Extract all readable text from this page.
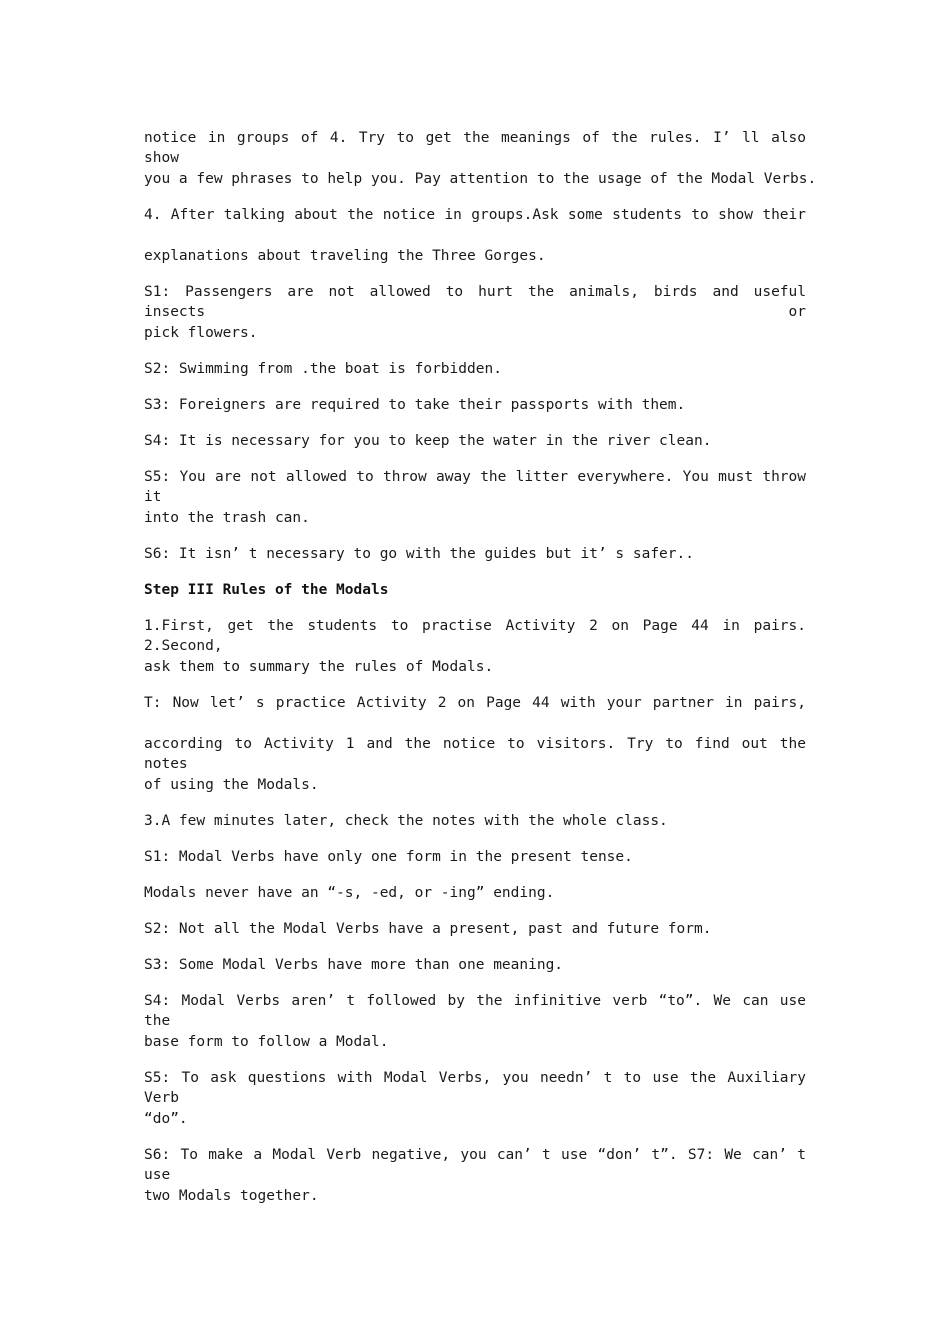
notice in groups of 4. Try to get the meanings of the rules. I’ ll also show
you a few phrases to help you. Pay attention to the usage of the Modal Verbs.
4. After talking about the notice in groups.Ask some students to show their
explanations about traveling the Three Gorges.
S1: Passengers are not allowed to hurt the animals, birds and useful insects or
pick flowers.
S2: Swimming from .the boat is forbidden.
S3: Foreigners are required to take their passports with them.
S4: It is necessary for you to keep the water in the river clean.
S5: You are not allowed to throw away the litter everywhere. You must throw it
into the trash can.
S6: It isn’ t necessary to go with the guides but it’ s safer..
Step III Rules of the Modals
1.First, get the students to practise Activity 2 on Page 44 in pairs. 2.Second,
ask them to summary the rules of Modals.
T: Now let’ s practice Activity 2 on Page 44 with your partner in pairs,
according to Activity 1 and the notice to visitors. Try to find out the notes
of using the Modals.
3.A few minutes later, check the notes with the whole class.
S1: Modal Verbs have only one form in the present tense.
Modals never have an “-s, -ed, or -ing” ending.
S2: Not all the Modal Verbs have a present, past and future form.
S3: Some Modal Verbs have more than one meaning.
S4: Modal Verbs aren’ t followed by the infinitive verb “to”. We can use the
base form to follow a Modal.
S5: To ask questions with Modal Verbs, you needn’ t to use the Auxiliary Verb
“do”.
S6: To make a Modal Verb negative, you can’ t use “don’ t”. S7: We can’ t use
two Modals together.
